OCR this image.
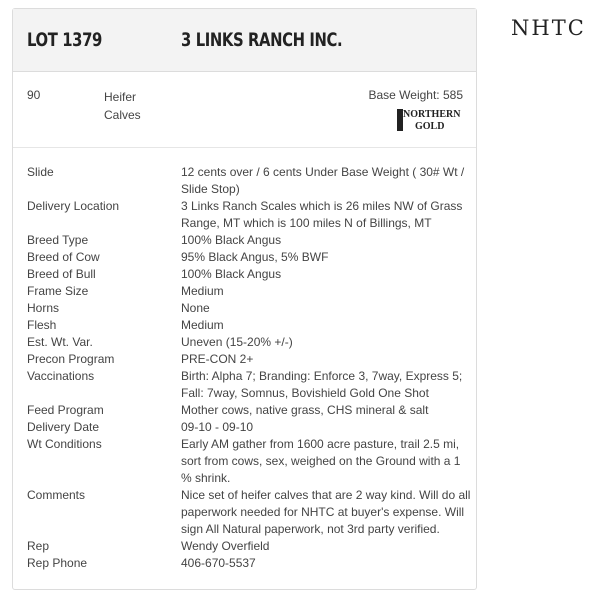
LOT 1379	3 LINKS RANCH INC.
90	Heifer Calves
Base Weight: 585
NORTHERN
GOLD
Slide	12 cents over / 6 cents Under Base Weight ( 30# Wt / Slide Stop)
Delivery Location	3 Links Ranch Scales which is 26 miles NW of Grass Range, MT which is 100 miles N of Billings, MT
Breed Type	100% Black Angus
Breed of Cow	95% Black Angus, 5% BWF
Breed of Bull	100% Black Angus
Frame Size	Medium
Horns	None
Flesh	Medium
Est. Wt. Var.	Uneven (15-20% +/-)
Precon Program	PRE-CON 2+
Vaccinations	Birth: Alpha 7; Branding: Enforce 3, 7way, Express 5; Fall: 7way, Somnus, Bovishield Gold One Shot
Feed Program	Mother cows, native grass, CHS mineral & salt
Delivery Date	09-10 - 09-10
Wt Conditions	Early AM gather from 1600 acre pasture, trail 2.5 mi, sort from cows, sex, weighed on the Ground with a 1 % shrink.
Comments	Nice set of heifer calves that are 2 way kind. Will do all paperwork needed for NHTC at buyer's expense. Will sign All Natural paperwork, not 3rd party verified.
Rep	Wendy Overfield
Rep Phone	406-670-5537
NHTC
